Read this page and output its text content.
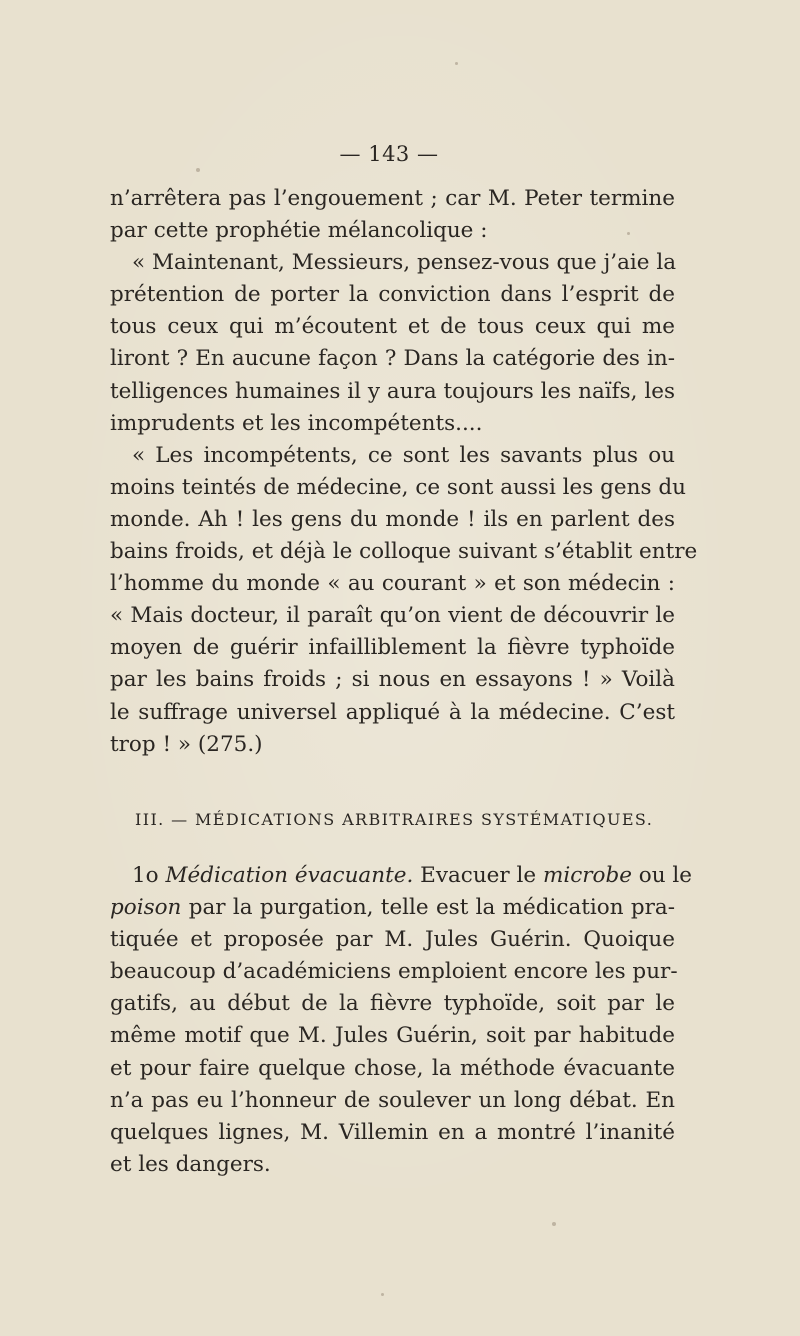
— 143 —
n’arrêtera pas l’engouement ; car M. Peter termine
par cette prophétie mélancolique :
« Maintenant, Messieurs, pensez-vous que j’aie la
prétention de porter la conviction dans l’esprit de
tous ceux qui m’écoutent et de tous ceux qui me
liront ? En aucune façon ? Dans la catégorie des in-
telligences humaines il y aura toujours les naïfs, les
imprudents et les incompétents....
« Les incompétents, ce sont les savants plus ou
moins teintés de médecine, ce sont aussi les gens du
monde. Ah ! les gens du monde ! ils en parlent des
bains froids, et déjà le colloque suivant s’établit entre
l’homme du monde « au courant » et son médecin :
« Mais docteur, il paraît qu’on vient de découvrir le
moyen de guérir infailliblement la fièvre typhoïde
par les bains froids ; si nous en essayons ! » Voilà
le suffrage universel appliqué à la médecine. C’est
trop ! » (275.)
III. — MÉDICATIONS ARBITRAIRES SYSTÉMATIQUES.
1o Médication évacuante. Evacuer le microbe ou le
poison par la purgation, telle est la médication pra-
tiquée et proposée par M. Jules Guérin. Quoique
beaucoup d’académiciens emploient encore les pur-
gatifs, au début de la fièvre typhoïde, soit par le
même motif que M. Jules Guérin, soit par habitude
et pour faire quelque chose, la méthode évacuante
n’a pas eu l’honneur de soulever un long débat. En
quelques lignes, M. Villemin en a montré l’inanité
et les dangers.
